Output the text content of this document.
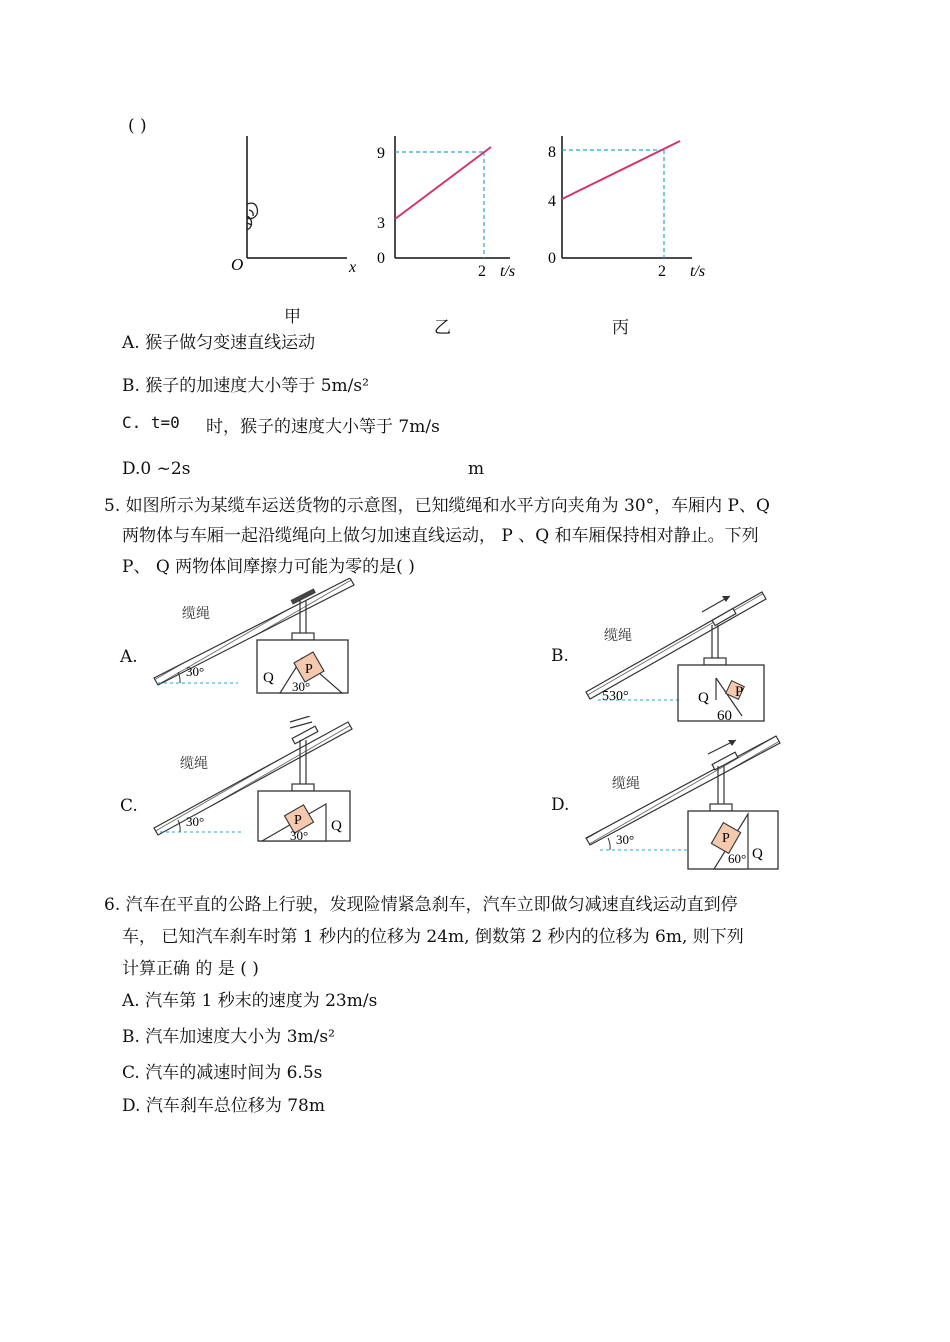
( )
O	x
甲
9
3
0
2 t/s
乙
8
4
0
2 t/s
丙
A. 猴子做匀变速直线运动
B. 猴子的加速度大小等于 5m/s²
C. t=0 时，猴子的速度大小等于 7m/s
D.0 ~2s	m
5. 如图所示为某缆车运送货物的示意图，已知缆绳和水平方向夹角为 30°，车厢内 P、Q
两物体与车厢一起沿缆绳向上做匀加速直线运动， P 、Q 和车厢保持相对静止。下列
P、 Q 两物体间摩擦力可能为零的是( )
A.	B.
C.	D.
P
Q
30°
30°
缆绳
P
Q
60
530°
缆绳
P Q
30°
30°
缆绳
P
Q
60°
30°
缆绳
6. 汽车在平直的公路上行驶，发现险情紧急刹车，汽车立即做匀减速直线运动直到停
车， 已知汽车刹车时第 1 秒内的位移为 24m, 倒数第 2 秒内的位移为 6m, 则下列
计算正确 的 是 ( )
A. 汽车第 1 秒末的速度为 23m/s
B. 汽车加速度大小为 3m/s²
C. 汽车的减速时间为 6.5s
D. 汽车刹车总位移为 78m
